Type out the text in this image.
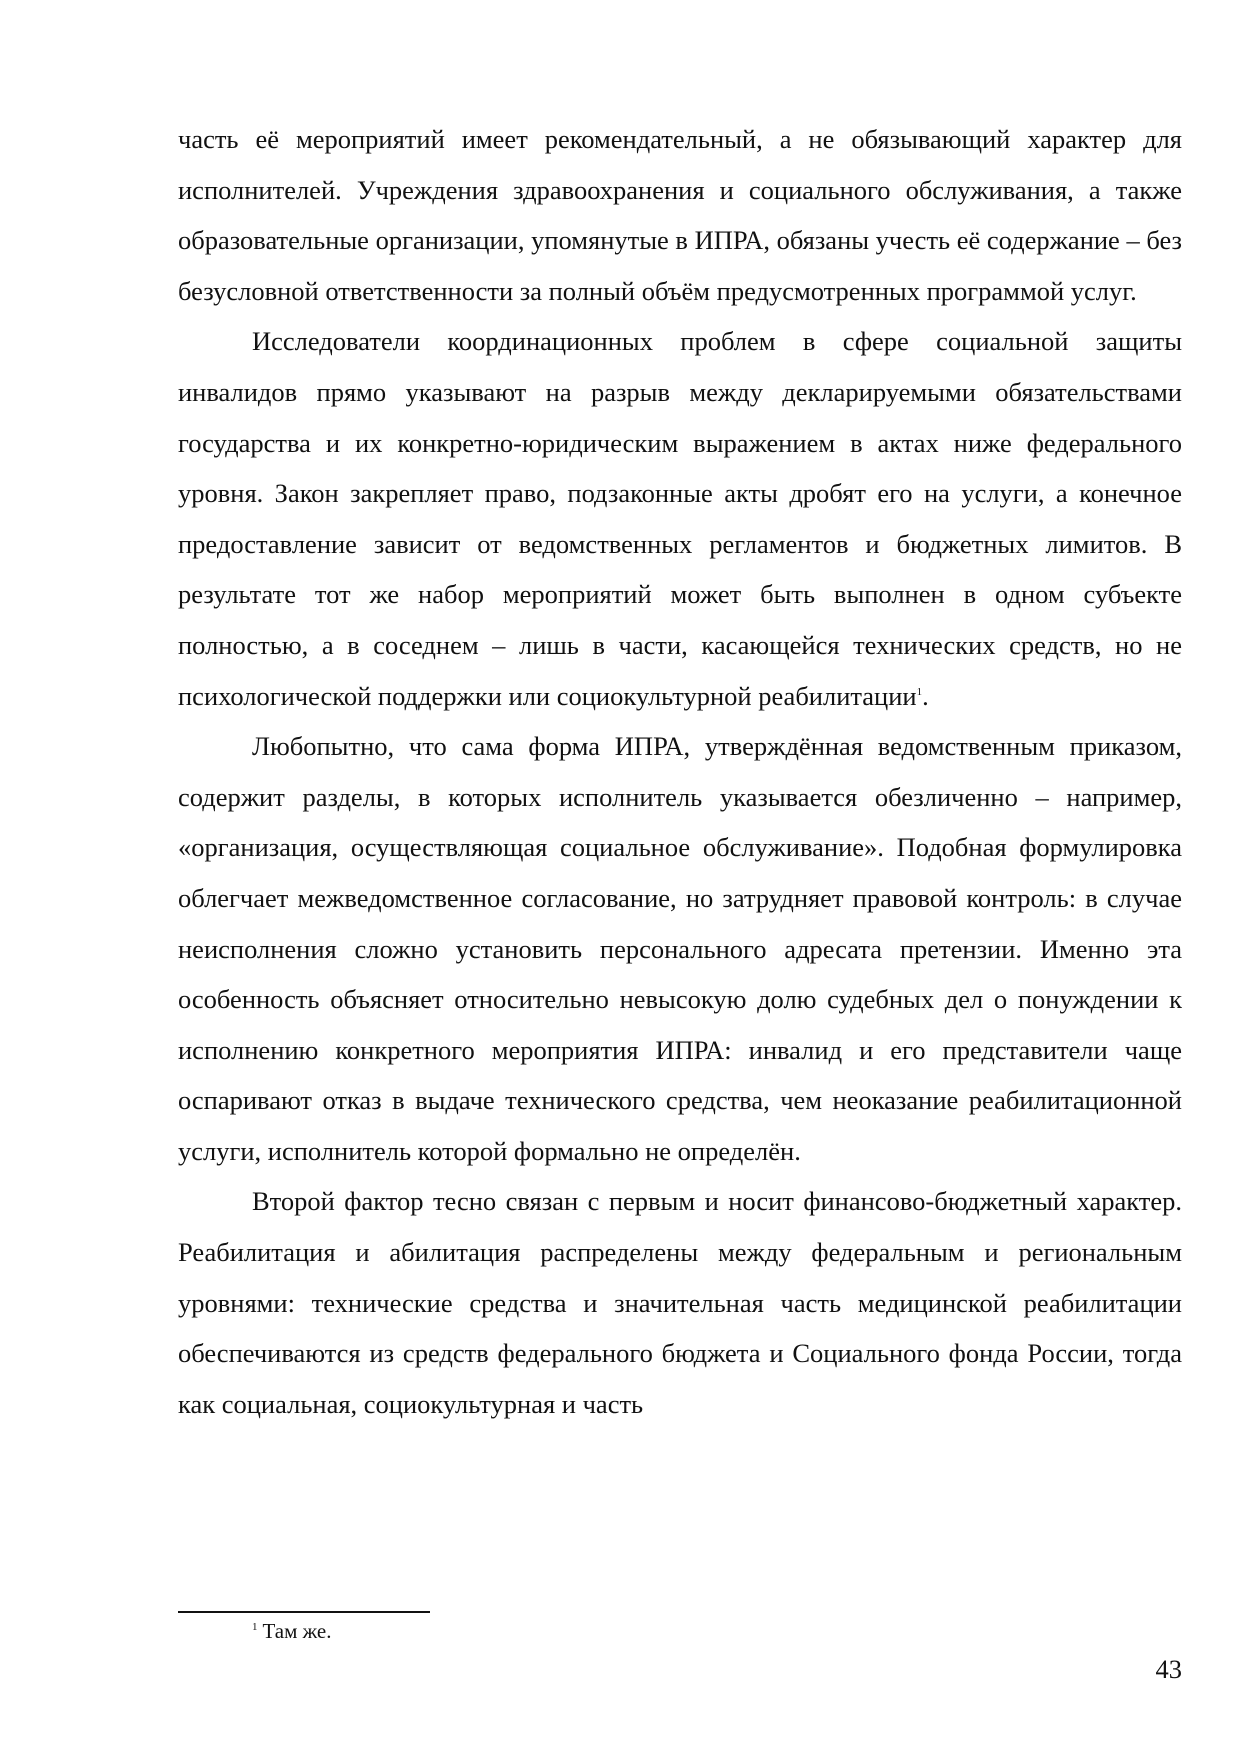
часть её мероприятий имеет рекомендательный, а не обязывающий характер для исполнителей. Учреждения здравоохранения и социального обслуживания, а также образовательные организации, упомянутые в ИПРА, обязаны учесть её содержание – без безусловной ответственности за полный объём предусмотренных программой услуг.

Исследователи координационных проблем в сфере социальной защиты инвалидов прямо указывают на разрыв между декларируемыми обязательствами государства и их конкретно-юридическим выражением в актах ниже федерального уровня. Закон закрепляет право, подзаконные акты дробят его на услуги, а конечное предоставление зависит от ведомственных регламентов и бюджетных лимитов. В результате тот же набор мероприятий может быть выполнен в одном субъекте полностью, а в соседнем – лишь в части, касающейся технических средств, но не психологической поддержки или социокультурной реабилитации$^1$.

Любопытно, что сама форма ИПРА, утверждённая ведомственным приказом, содержит разделы, в которых исполнитель указывается обезличенно – например, «организация, осуществляющая социальное обслуживание». Подобная формулировка облегчает межведомственное согласование, но затрудняет правовой контроль: в случае неисполнения сложно установить персонального адресата претензии. Именно эта особенность объясняет относительно невысокую долю судебных дел о понуждении к исполнению конкретного мероприятия ИПРА: инвалид и его представители чаще оспаривают отказ в выдаче технического средства, чем неоказание реабилитационной услуги, исполнитель которой формально не определён.

Второй фактор тесно связан с первым и носит финансово-бюджетный характер. Реабилитация и абилитация распределены между федеральным и региональным уровнями: технические средства и значительная часть медицинской реабилитации обеспечиваются из средств федерального бюджета и Социального фонда России, тогда как социальная, социокультурная и часть

$^1$ Там же.
43
